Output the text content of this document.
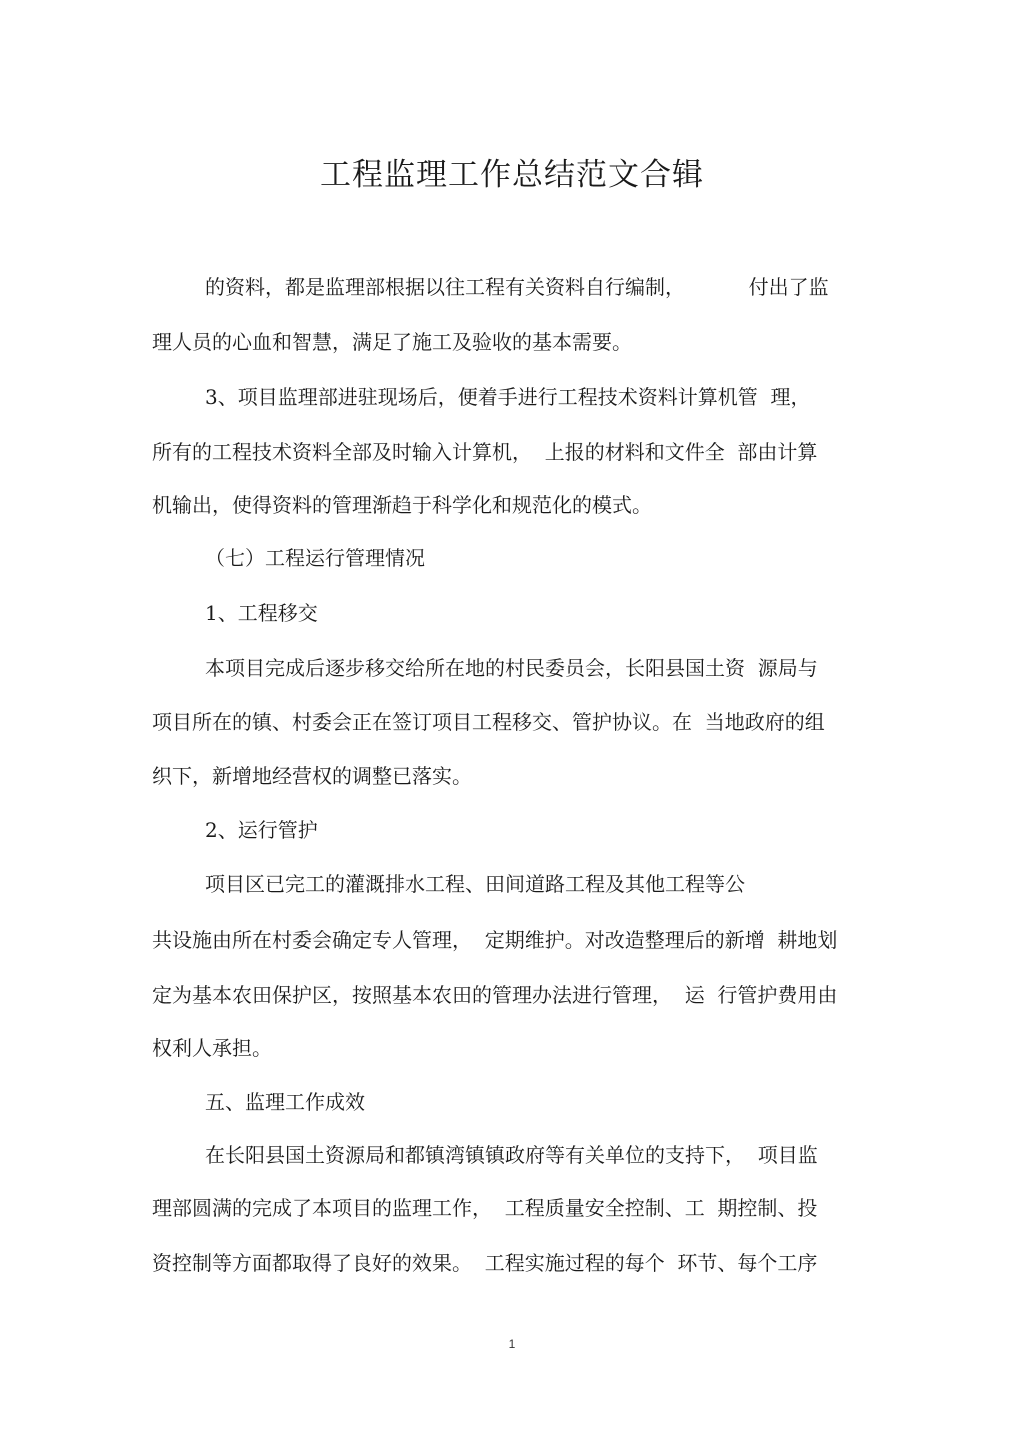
工程监理工作总结范文合辑
的资料，都是监理部根据以往工程有关资料自行编制，          付出了监
理人员的心血和智慧，满足了施工及验收的基本需要。
3、项目监理部进驻现场后，便着手进行工程技术资料计算机管  理，
所有的工程技术资料全部及时输入计算机，  上报的材料和文件全  部由计算
机输出，使得资料的管理渐趋于科学化和规范化的模式。
（七）工程运行管理情况
1、工程移交
本项目完成后逐步移交给所在地的村民委员会，长阳县国土资  源局与
项目所在的镇、村委会正在签订项目工程移交、管护协议。在  当地政府的组
织下，新增地经营权的调整已落实。
2、运行管护
项目区已完工的灌溉排水工程、田间道路工程及其他工程等公
共设施由所在村委会确定专人管理，  定期维护。对改造整理后的新增  耕地划
定为基本农田保护区，按照基本农田的管理办法进行管理，  运  行管护费用由
权利人承担。
五、监理工作成效
在长阳县国土资源局和都镇湾镇镇政府等有关单位的支持下，  项目监
理部圆满的完成了本项目的监理工作，  工程质量安全控制、工  期控制、投
资控制等方面都取得了良好的效果。  工程实施过程的每个  环节、每个工序
1
